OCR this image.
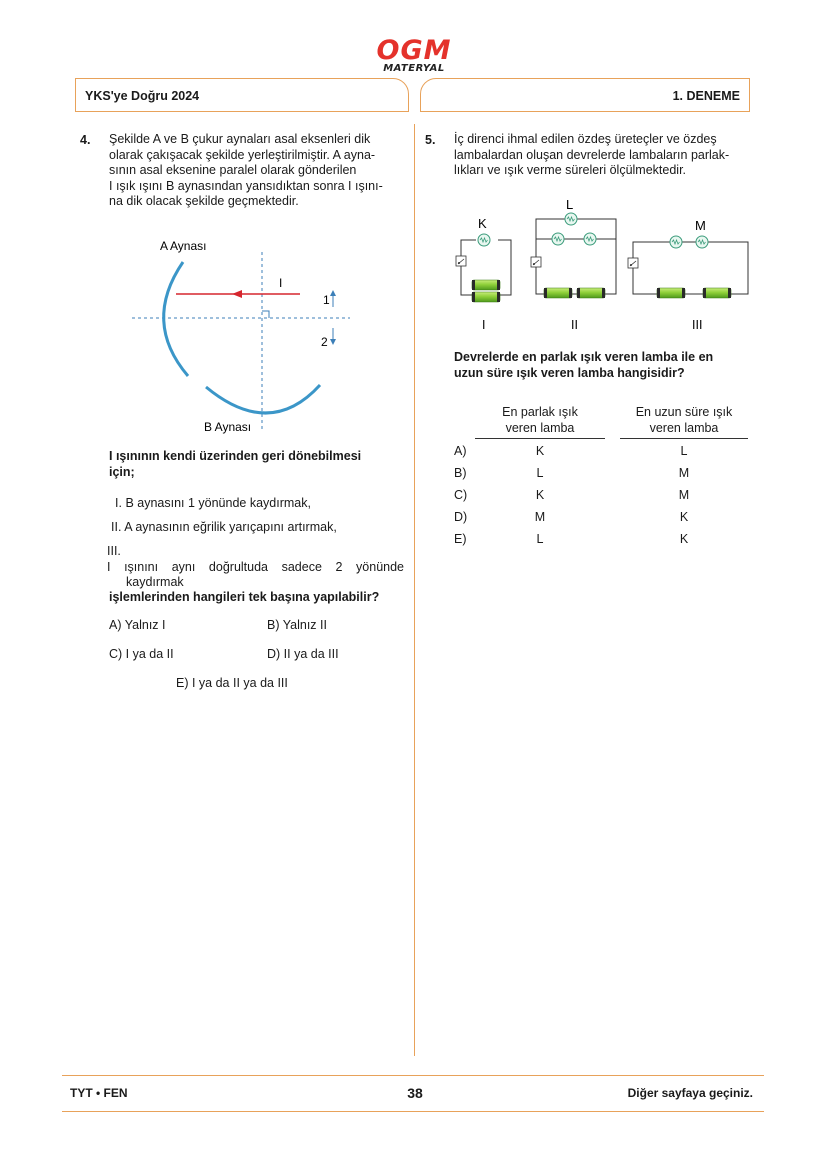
OGM
MATERYAL
YKS'ye Doğru 2024	1. DENEME
4. Şekilde A ve B çukur aynaları asal eksenleri dik
olarak çakışacak şekilde yerleştirilmiştir. A ayna-
sının asal eksenine paralel olarak gönderilen
I ışık ışını B aynasından yansıdıktan sonra I ışını-
na dik olacak şekilde geçmektedir.
I
1
2
A Aynası
B Aynası
I ışınının kendi üzerinden geri dönebilmesi
için;
I. B aynasını 1 yönünde kaydırmak,
II. A aynasının eğrilik yarıçapını artırmak,
III.
I ışınını aynı doğrultuda sadece 2 yönünde
kaydırmak
işlemlerinden hangileri tek başına yapılabilir?
A) Yalnız I	B) Yalnız II
C) I ya da II	D) II ya da III
E) I ya da II ya da III
5. İç direnci ihmal edilen özdeş üreteçler ve özdeş
lambalardan oluşan devrelerde lambaların parlak-
lıkları ve ışık verme süreleri ölçülmektedir.
K
I
L
II
M
III
Devrelerde en parlak ışık veren lamba ile en
uzun süre ışık veren lamba hangisidir?
En parlak ışık
veren lamba
En uzun süre ışık
veren lamba
A)	K	L
B)	L	M
C)	K	M
D)	M	K
E)	L	K
TYT • FEN	38	Diğer sayfaya geçiniz.
